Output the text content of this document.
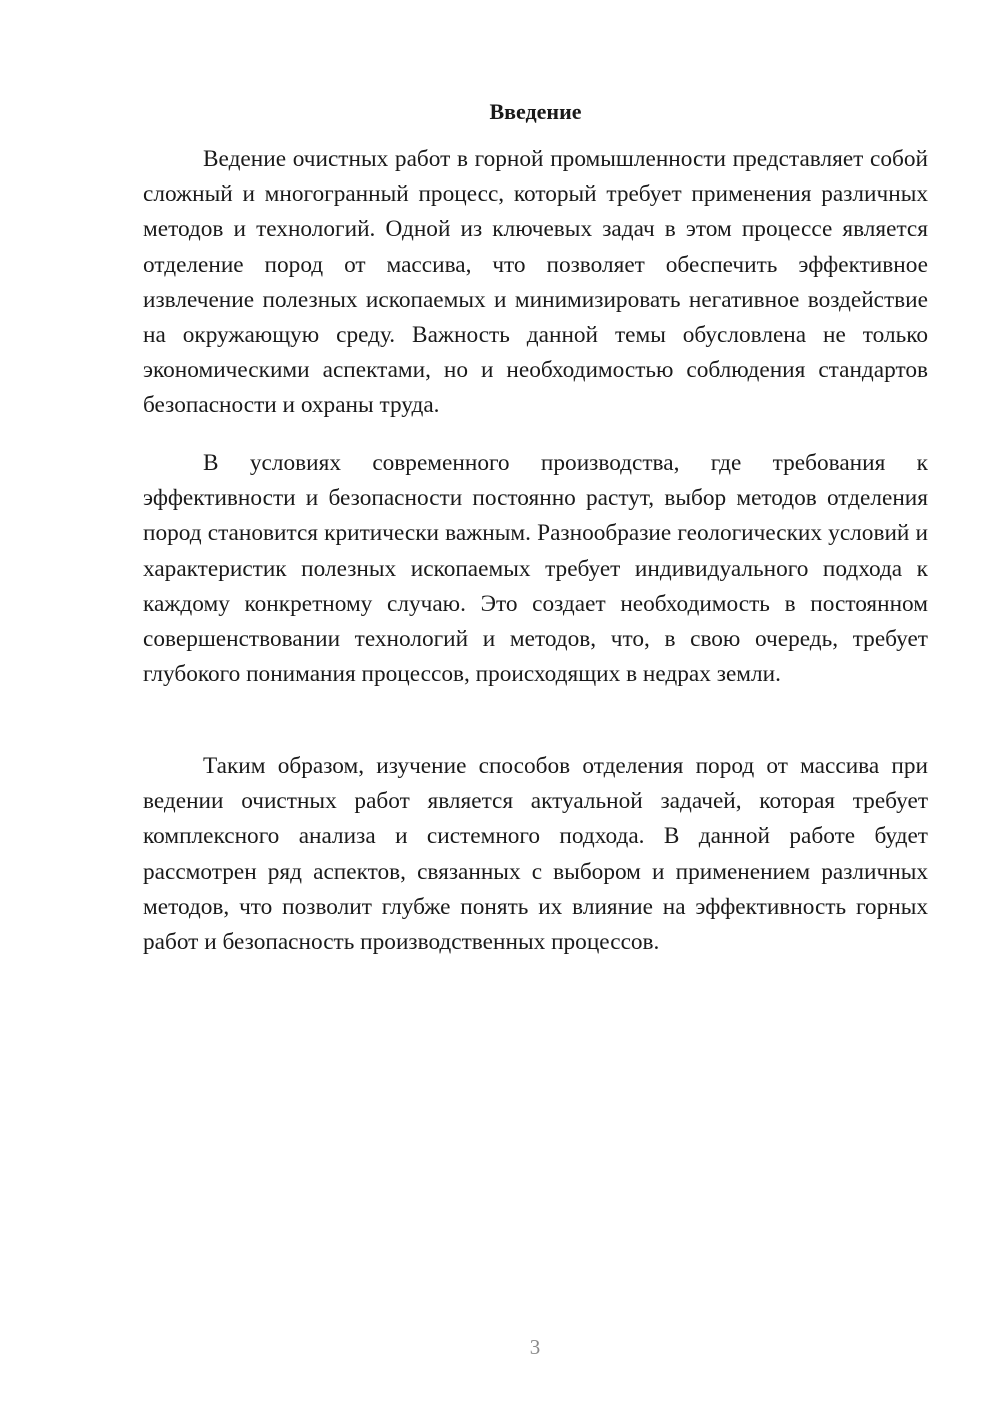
Введение

Ведение очистных работ в горной промышленности представляет собой сложный и многогранный процесс, который требует применения различных методов и технологий. Одной из ключевых задач в этом процессе является отделение пород от массива, что позволяет обеспечить эффективное извлечение полезных ископаемых и минимизировать негативное воздействие на окружающую среду. Важность данной темы обусловлена не только экономическими аспектами, но и необходимостью соблюдения стандартов безопасности и охраны труда.

В условиях современного производства, где требования к эффективности и безопасности постоянно растут, выбор методов отделения пород становится критически важным. Разнообразие геологических условий и характеристик полезных ископаемых требует индивидуального подхода к каждому конкретному случаю. Это создает необходимость в постоянном совершенствовании технологий и методов, что, в свою очередь, требует глубокого понимания процессов, происходящих в недрах земли.

Таким образом, изучение способов отделения пород от массива при ведении очистных работ является актуальной задачей, которая требует комплексного анализа и системного подхода. В данной работе будет рассмотрен ряд аспектов, связанных с выбором и применением различных методов, что позволит глубже понять их влияние на эффективность горных работ и безопасность производственных процессов.

3
